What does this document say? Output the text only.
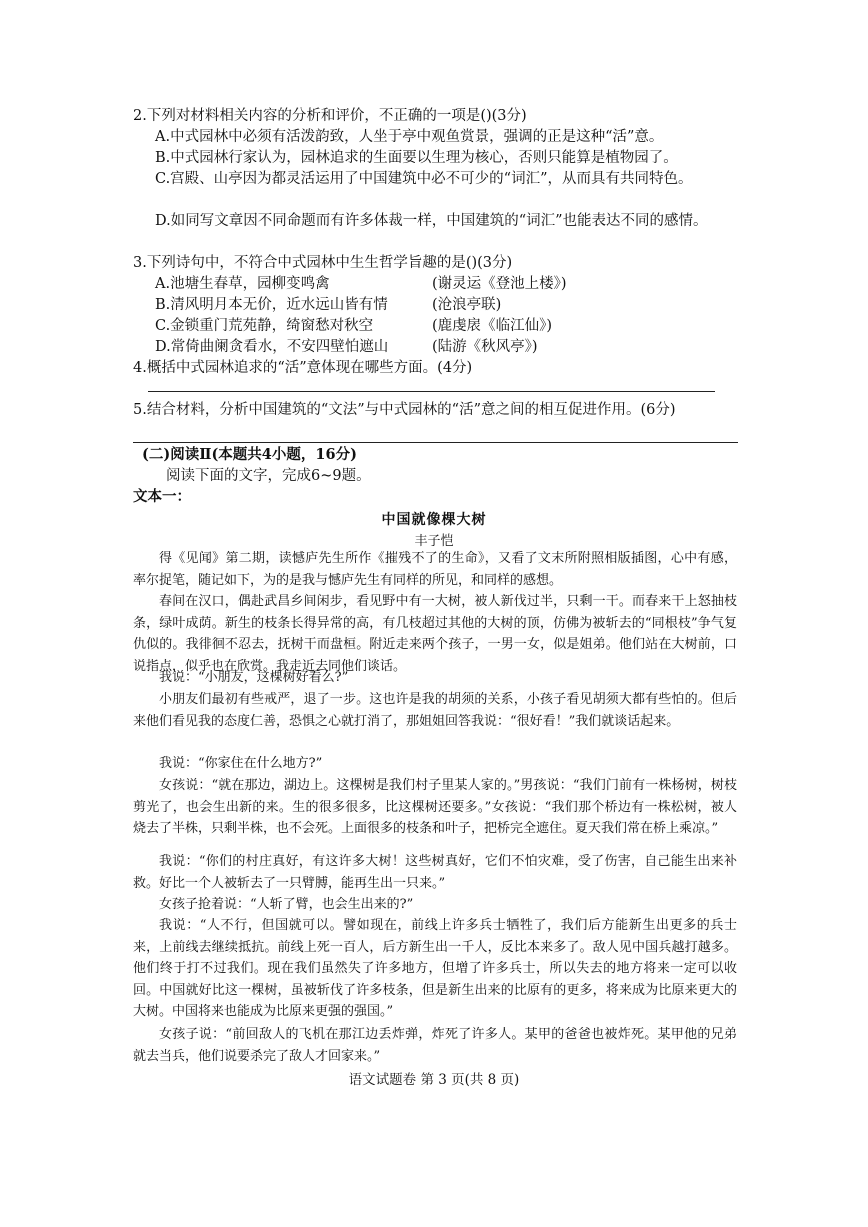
2.下列对材料相关内容的分析和评价，不正确的一项是()(3分)
A.中式园林中必须有活泼韵致，人坐于亭中观鱼赏景，强调的正是这种“活”意。
B.中式园林行家认为，园林追求的生面要以生理为核心，否则只能算是植物园了。
C.宫殿、山亭因为都灵活运用了中国建筑中必不可少的“词汇”，从而具有共同特色。
D.如同写文章因不同命题而有许多体裁一样，中国建筑的“词汇”也能表达不同的感情。
3.下列诗句中，不符合中式园林中生生哲学旨趣的是()(3分)
A.池塘生春草，园柳变鸣禽	(谢灵运《登池上楼》)
B.清风明月本无价，近水远山皆有情	(沧浪亭联)
C.金锁重门荒苑静，绮窗愁对秋空	(鹿虔扆《临江仙》)
D.常倚曲阑贪看水，不安四壁怕遮山	(陆游《秋风亭》)
4.概括中式园林追求的“活”意体现在哪些方面。(4分)
5.结合材料，分析中国建筑的“文法”与中式园林的“活”意之间的相互促进作用。(6分)
(二)阅读Ⅱ(本题共4小题，16分)
阅读下面的文字，完成6~9题。
文本一：
中国就像棵大树
丰子恺
得《见闻》第二期，读憾庐先生所作《摧残不了的生命》，又看了文末所附照相版插图，心中有感，率尔捉笔，随记如下，为的是我与憾庐先生有同样的所见，和同样的感想。
春间在汉口，偶赴武昌乡间闲步，看见野中有一大树，被人新伐过半，只剩一干。而春来干上怒抽枝条，绿叶成荫。新生的枝条长得异常的高，有几枝超过其他的大树的顶，仿佛为被斩去的“同根枝”争气复仇似的。我徘徊不忍去，抚树干而盘桓。附近走来两个孩子，一男一女，似是姐弟。他们站在大树前，口说指点，似乎也在欣赏。我走近去同他们谈话。
我说：“小朋友，这棵树好看么?”
小朋友们最初有些戒严，退了一步。这也许是我的胡须的关系，小孩子看见胡须大都有些怕的。但后来他们看见我的态度仁善，恐惧之心就打消了，那姐姐回答我说：“很好看！”我们就谈话起来。
我说：“你家住在什么地方?”
女孩说：“就在那边，湖边上。这棵树是我们村子里某人家的。”男孩说：“我们门前有一株杨树，树枝剪光了，也会生出新的来。生的很多很多，比这棵树还要多。”女孩说：“我们那个桥边有一株松树，被人烧去了半株，只剩半株，也不会死。上面很多的枝条和叶子，把桥完全遮住。夏天我们常在桥上乘凉。”
我说：“你们的村庄真好，有这许多大树！这些树真好，它们不怕灾难，受了伤害，自己能生出来补救。好比一个人被斩去了一只臂膊，能再生出一只来。”
女孩子抢着说：“人斩了臂，也会生出来的?”
我说：“人不行，但国就可以。譬如现在，前线上许多兵士牺牲了，我们后方能新生出更多的兵士来，上前线去继续抵抗。前线上死一百人，后方新生出一千人，反比本来多了。敌人见中国兵越打越多。他们终于打不过我们。现在我们虽然失了许多地方，但增了许多兵士，所以失去的地方将来一定可以收回。中国就好比这一棵树，虽被斩伐了许多枝条，但是新生出来的比原有的更多，将来成为比原来更大的大树。中国将来也能成为比原来更强的强国。”
女孩子说：“前回敌人的飞机在那江边丢炸弹，炸死了许多人。某甲的爸爸也被炸死。某甲他的兄弟就去当兵，他们说要杀完了敌人才回家来。”
语文试题卷 第 3 页(共 8 页)
